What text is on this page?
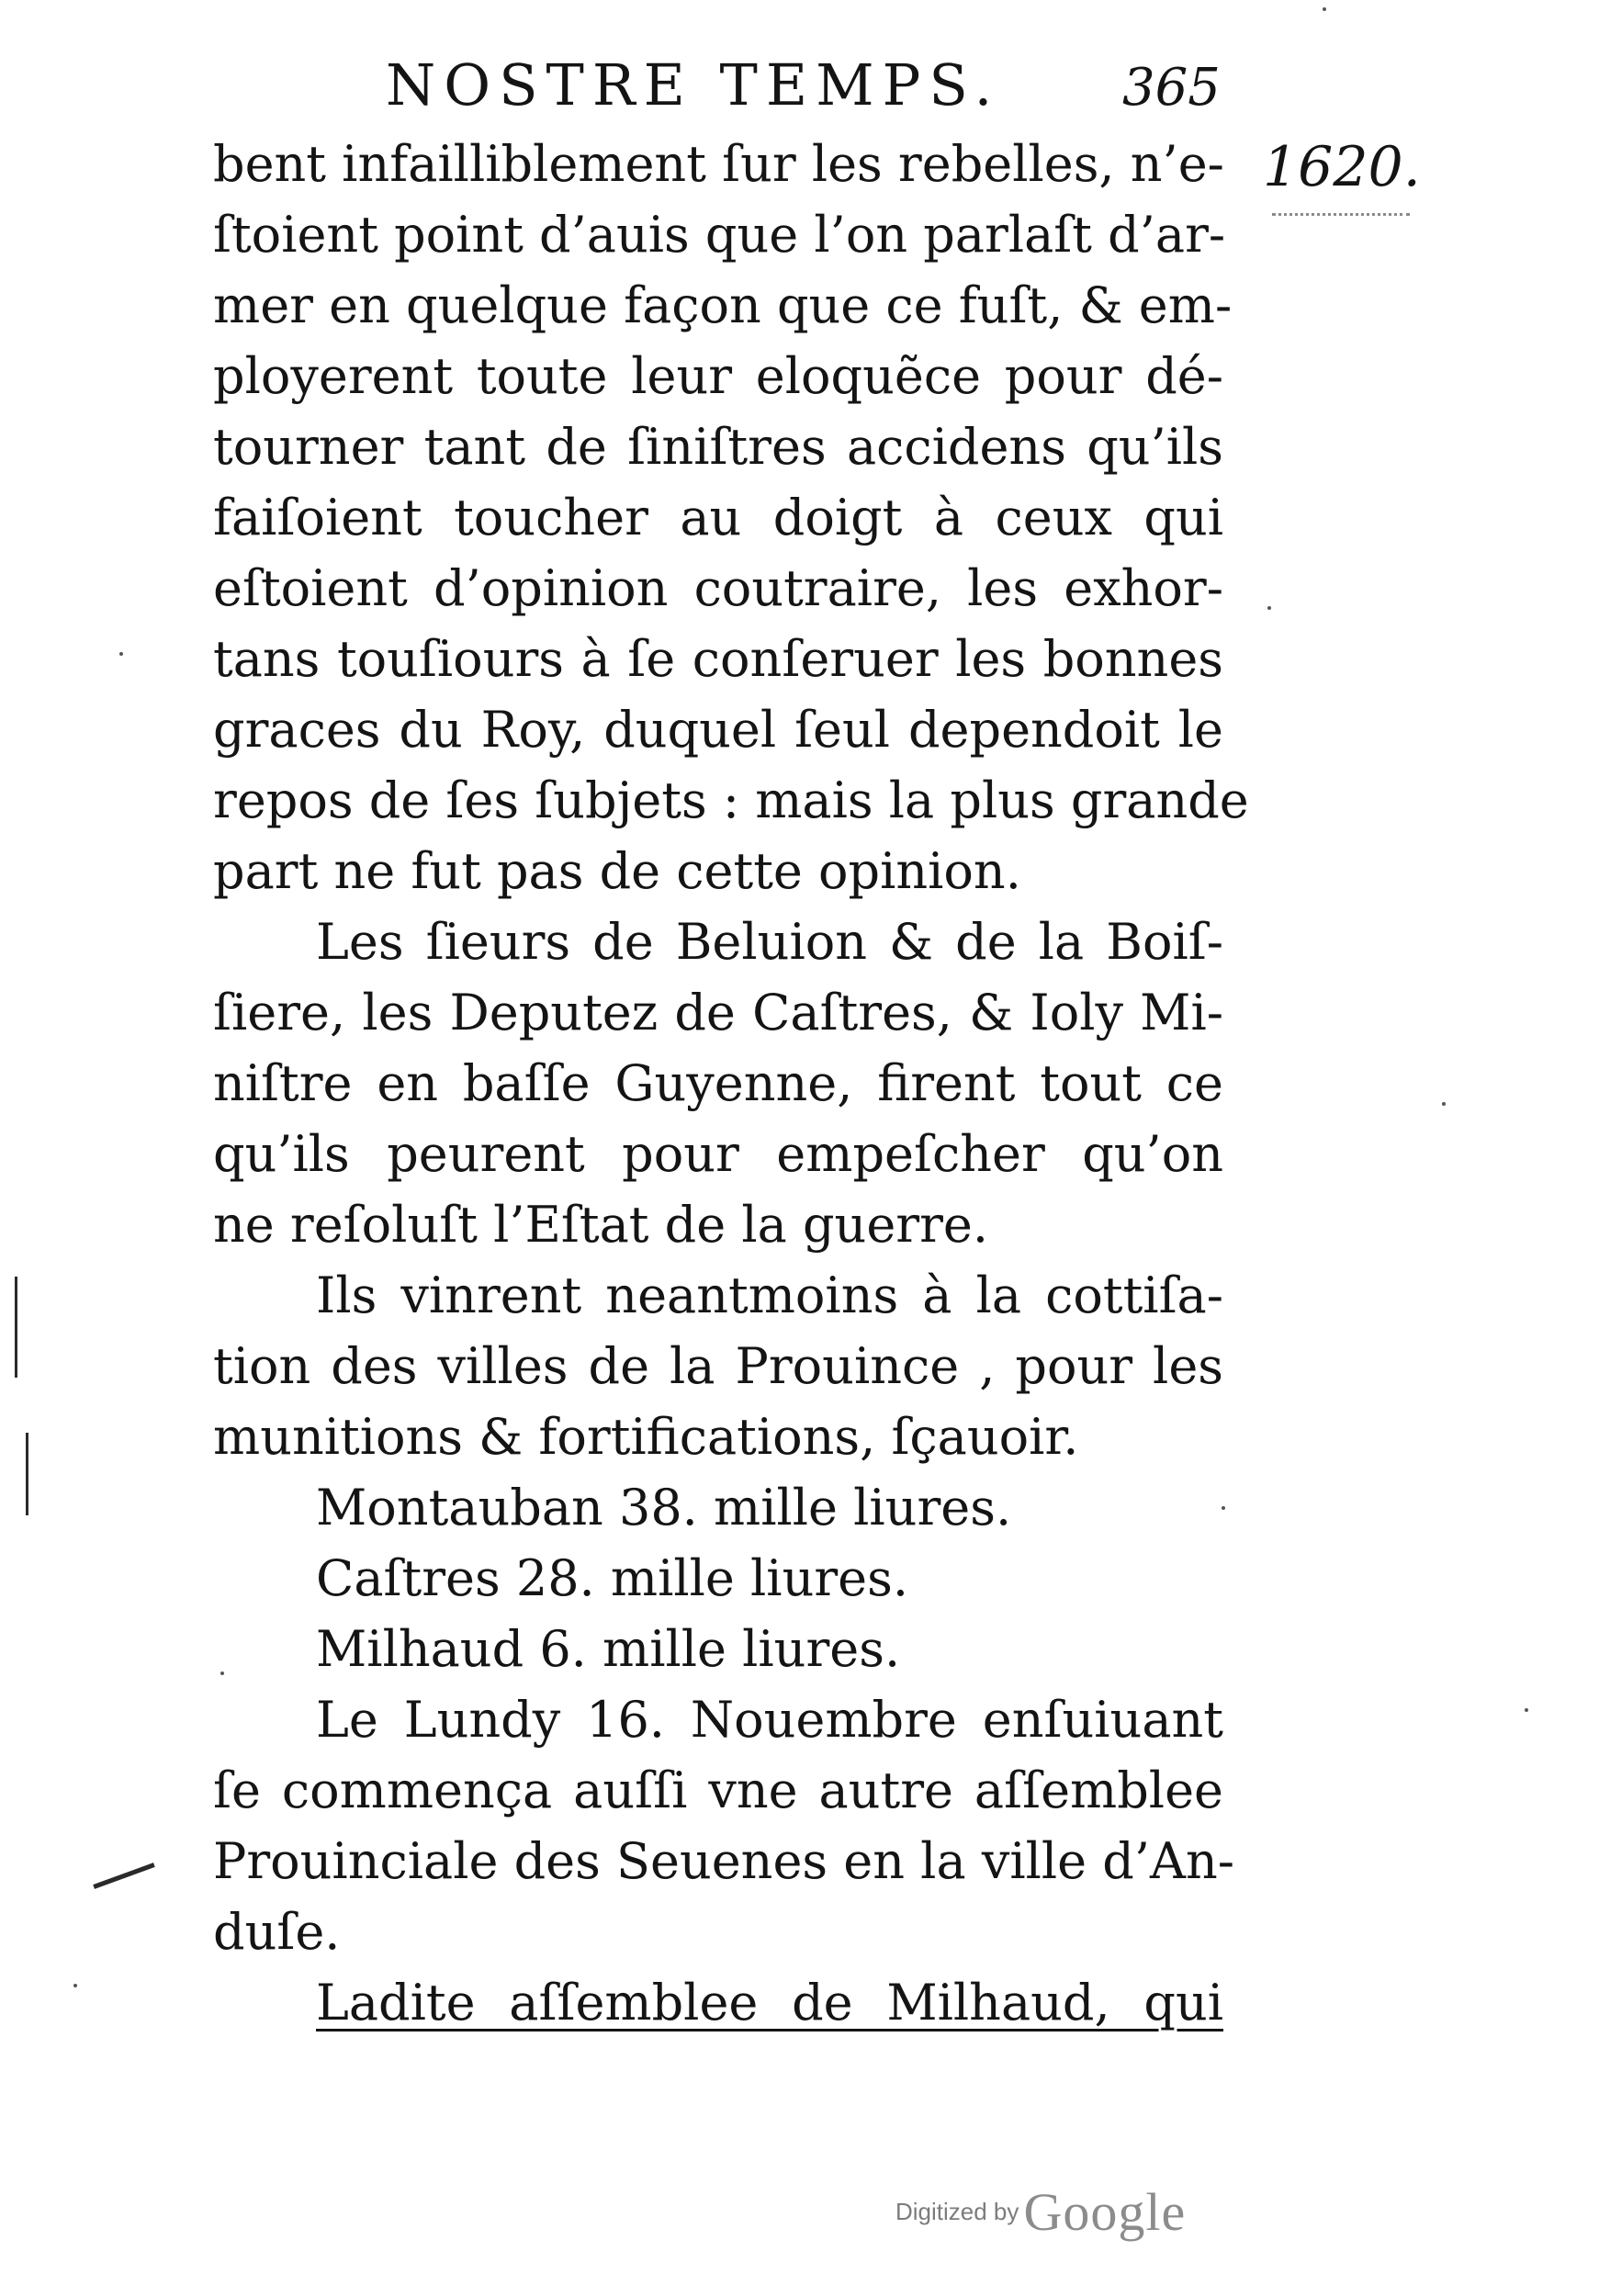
NOSTRE TEMPS. 365
1620.
bent infailliblement ſur les rebelles, n’e-
ſtoient point d’auis que l’on parlaſt d’ar-
mer en quelque façon que ce fuſt, & em-
ployerent toute leur eloquẽce pour dé-
tourner tant de ſiniſtres accidens qu’ils
faiſoient toucher au doigt à ceux qui
eſtoient d’opinion coutraire, les exhor-
tans touſiours à ſe conſeruer les bonnes
graces du Roy, duquel ſeul dependoit le
repos de ſes ſubjets : mais la plus grande
part ne fut pas de cette opinion.
Les ſieurs de Beluion & de la Boiſ-
ſiere, les Deputez de Caſtres, & Ioly Mi-
niſtre en baſſe Guyenne, firent tout ce
qu’ils peurent pour empeſcher qu’on
ne reſoluſt l’Eſtat de la guerre.
Ils vinrent neantmoins à la cottiſa-
tion des villes de la Prouince , pour les
munitions & fortifications, ſçauoir.
Montauban 38. mille liures.
Caſtres 28. mille liures.
Milhaud 6. mille liures.
Le Lundy 16. Nouembre enſuiuant
ſe commença auſſi vne autre aſſemblee
Prouinciale des Seuenes en la ville d’An-
duſe.
Ladite aſſemblee de Milhaud, qui
Digitized by Google
